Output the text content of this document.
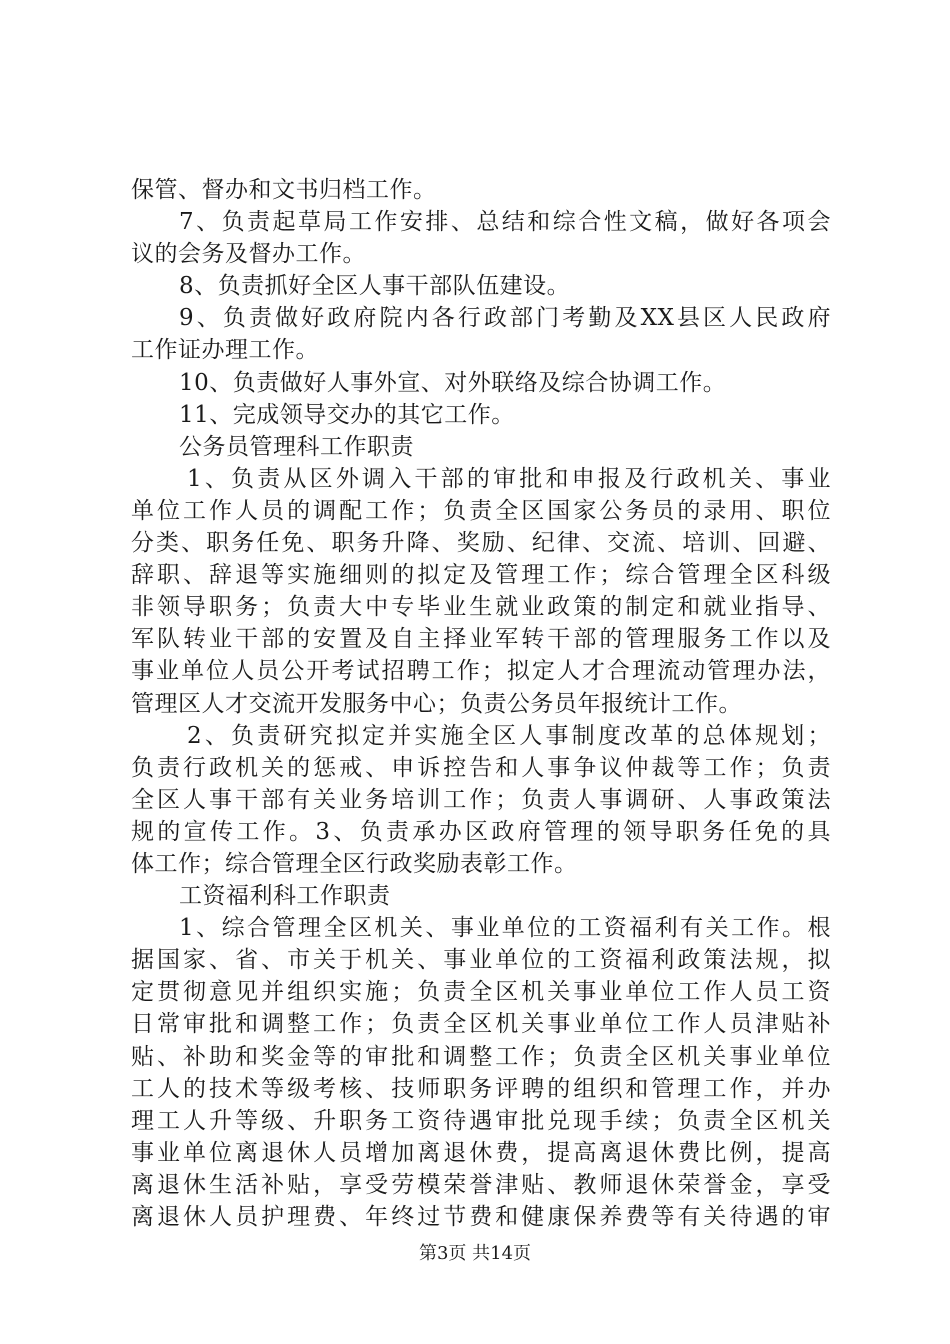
保管、督办和文书归档工作。
7、负责起草局工作安排、总结和综合性文稿，做好各项会
议的会务及督办工作。
8、负责抓好全区人事干部队伍建设。
9、负责做好政府院内各行政部门考勤及XX县区人民政府
工作证办理工作。
10、负责做好人事外宣、对外联络及综合协调工作。
11、完成领导交办的其它工作。
公务员管理科工作职责
1、负责从区外调入干部的审批和申报及行政机关、事业
单位工作人员的调配工作；负责全区国家公务员的录用、职位
分类、职务任免、职务升降、奖励、纪律、交流、培训、回避、
辞职、辞退等实施细则的拟定及管理工作；综合管理全区科级
非领导职务；负责大中专毕业生就业政策的制定和就业指导、
军队转业干部的安置及自主择业军转干部的管理服务工作以及
事业单位人员公开考试招聘工作；拟定人才合理流动管理办法，
管理区人才交流开发服务中心；负责公务员年报统计工作。
2、负责研究拟定并实施全区人事制度改革的总体规划；
负责行政机关的惩戒、申诉控告和人事争议仲裁等工作；负责
全区人事干部有关业务培训工作；负责人事调研、人事政策法
规的宣传工作。3、负责承办区政府管理的领导职务任免的具
体工作；综合管理全区行政奖励表彰工作。
工资福利科工作职责
1、综合管理全区机关、事业单位的工资福利有关工作。根
据国家、省、市关于机关、事业单位的工资福利政策法规，拟
定贯彻意见并组织实施；负责全区机关事业单位工作人员工资
日常审批和调整工作；负责全区机关事业单位工作人员津贴补
贴、补助和奖金等的审批和调整工作；负责全区机关事业单位
工人的技术等级考核、技师职务评聘的组织和管理工作，并办
理工人升等级、升职务工资待遇审批兑现手续；负责全区机关
事业单位离退休人员增加离退休费，提高离退休费比例，提高
离退休生活补贴，享受劳模荣誉津贴、教师退休荣誉金，享受
离退休人员护理费、年终过节费和健康保养费等有关待遇的审
第3页 共14页
